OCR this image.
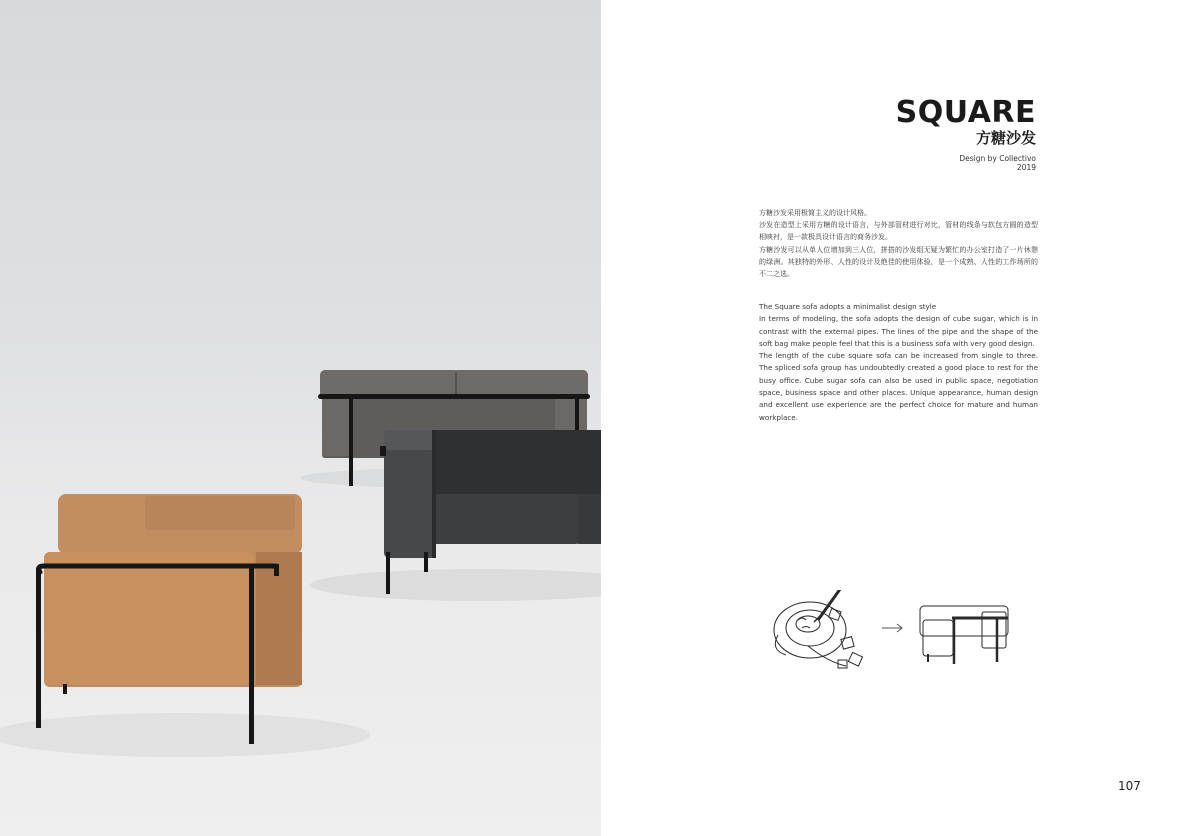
SQUARE
方糖沙发
Design by Collectivo
2019

方糖沙发采用极简主义的设计风格。

沙发在造型上采用方糖的设计语言，与外部管材进行对比，管材的线条与软包方圆的造型相映衬，是一款极具设计语言的商务沙发。

方糖沙发可以从单人位增加到三人位，拼搭的沙发组无疑为繁忙的办公室打造了一片休憩的绿洲。其独特的外形、人性的设计及绝佳的使用体验，是一个成熟、人性的工作场所的不二之选。

The Square sofa adopts a minimalist design style

In terms of modeling, the sofa adopts the design of cube sugar, which is in contrast with the external pipes. The lines of the pipe and the shape of the soft bag make people feel that this is a business sofa with very good design.

The length of the cube square sofa can be increased from single to three. The spliced sofa group has undoubtedly created a good place to rest for the busy office. Cube sugar sofa can also be used in public space, negotiation space, business space and other places. Unique appearance, human design and excellent use experience are the perfect choice for mature and human workplace.

107
